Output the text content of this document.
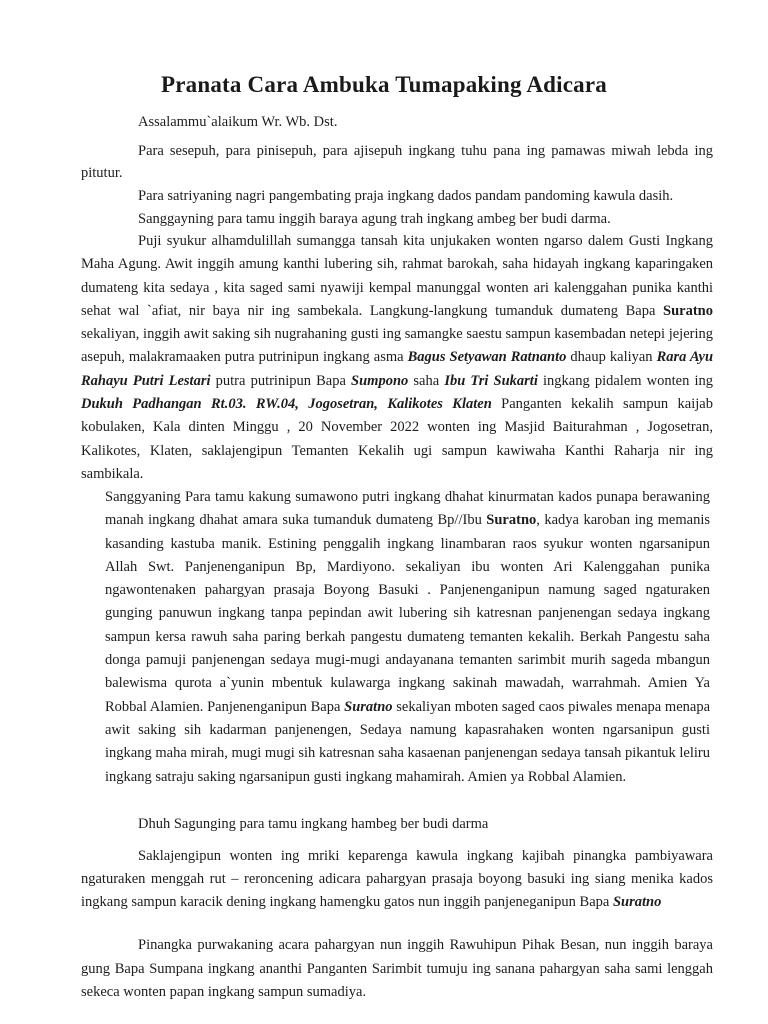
Pranata Cara Ambuka Tumapaking Adicara

Assalammu`alaikum Wr. Wb. Dst.

Para sesepuh, para pinisepuh, para ajisepuh ingkang tuhu pana ing pamawas miwah lebda ing pitutur.

Para satriyaning nagri pangembating praja ingkang dados pandam pandoming kawula dasih.

Sanggayning para tamu inggih baraya agung trah ingkang ambeg ber budi darma.

Puji syukur alhamdulillah sumangga tansah kita unjukaken wonten ngarso dalem Gusti Ingkang Maha Agung. Awit inggih amung kanthi lubering sih, rahmat barokah, saha hidayah ingkang kaparingaken dumateng kita sedaya , kita saged sami nyawiji kempal manunggal wonten ari kalenggahan punika kanthi sehat wal `afiat, nir baya nir ing sambekala. Langkung-langkung tumanduk dumateng Bapa Suratno sekaliyan, inggih awit saking sih nugrahaning gusti ing samangke saestu sampun kasembadan netepi jejering asepuh, malakramaaken putra putrinipun ingkang asma Bagus Setyawan Ratnanto dhaup kaliyan Rara Ayu Rahayu Putri Lestari putra putrinipun Bapa Sumpono saha Ibu Tri Sukarti ingkang pidalem wonten ing Dukuh Padhangan Rt.03. RW.04, Jogosetran, Kalikotes Klaten Panganten kekalih sampun kaijab kobulaken, Kala dinten Minggu , 20 November 2022 wonten ing Masjid Baiturahman , Jogosetran, Kalikotes, Klaten, saklajengipun Temanten Kekalih ugi sampun kawiwaha Kanthi Raharja nir ing sambikala.

Sanggyaning Para tamu kakung sumawono putri ingkang dhahat kinurmatan kados punapa berawaning manah ingkang dhahat amara suka tumanduk dumateng Bp//Ibu Suratno, kadya karoban ing memanis kasanding kastuba manik. Estining penggalih ingkang linambaran raos syukur wonten ngarsanipun Allah Swt. Panjenenganipun Bp, Mardiyono. sekaliyan ibu wonten Ari Kalenggahan punika ngawontenaken pahargyan prasaja Boyong Basuki . Panjenenganipun namung saged ngaturaken gunging panuwun ingkang tanpa pepindan awit lubering sih katresnan panjenengan sedaya ingkang sampun kersa rawuh saha paring berkah pangestu dumateng temanten kekalih. Berkah Pangestu saha donga pamuji panjenengan sedaya mugi-mugi andayanana temanten sarimbit murih sageda mbangun balewisma qurota a`yunin mbentuk kulawarga ingkang sakinah mawadah, warrahmah. Amien Ya Robbal Alamien. Panjenenganipun Bapa Suratno sekaliyan mboten saged caos piwales menapa menapa awit saking sih kadarman panjenengen, Sedaya namung kapasrahaken wonten ngarsanipun gusti ingkang maha mirah, mugi mugi sih katresnan saha kasaenan panjenengan sedaya tansah pikantuk leliru ingkang satraju saking ngarsanipun gusti ingkang mahamirah. Amien ya Robbal Alamien.

Dhuh Sagunging para tamu ingkang hambeg ber budi darma

Saklajengipun wonten ing mriki keparenga kawula ingkang kajibah pinangka pambiyawara ngaturaken menggah rut – reroncening adicara pahargyan prasaja boyong basuki ing siang menika kados ingkang sampun karacik dening ingkang hamengku gatos nun inggih panjeneganipun Bapa Suratno

Pinangka purwakaning acara pahargyan nun inggih Rawuhipun Pihak Besan, nun inggih baraya gung Bapa Sumpana ingkang ananthi Panganten Sarimbit tumuju ing sanana pahargyan saha sami lenggah sekeca wonten papan ingkang sampun sumadiya.
